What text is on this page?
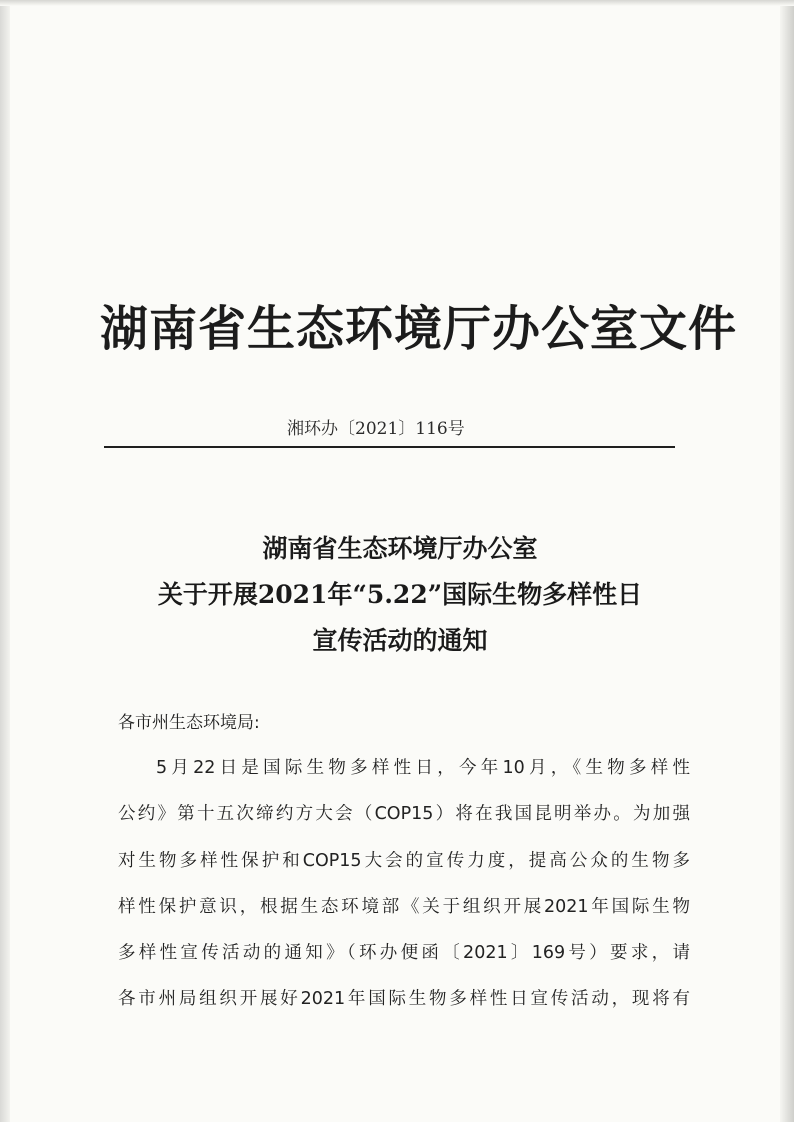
湖南省生态环境厅办公室文件
湘环办〔2021〕116号
湖南省生态环境厅办公室
关于开展2021年“5.22”国际生物多样性日
宣传活动的通知
各市州生态环境局:
5月22日是国际生物多样性日，今年10月，《生物多样性
公约》第十五次缔约方大会（COP15）将在我国昆明举办。为加强
对生物多样性保护和COP15大会的宣传力度，提高公众的生物多
样性保护意识，根据生态环境部《关于组织开展2021年国际生物
多样性宣传活动的通知》（环办便函〔2021〕169号）要求，请
各市州局组织开展好2021年国际生物多样性日宣传活动，现将有
